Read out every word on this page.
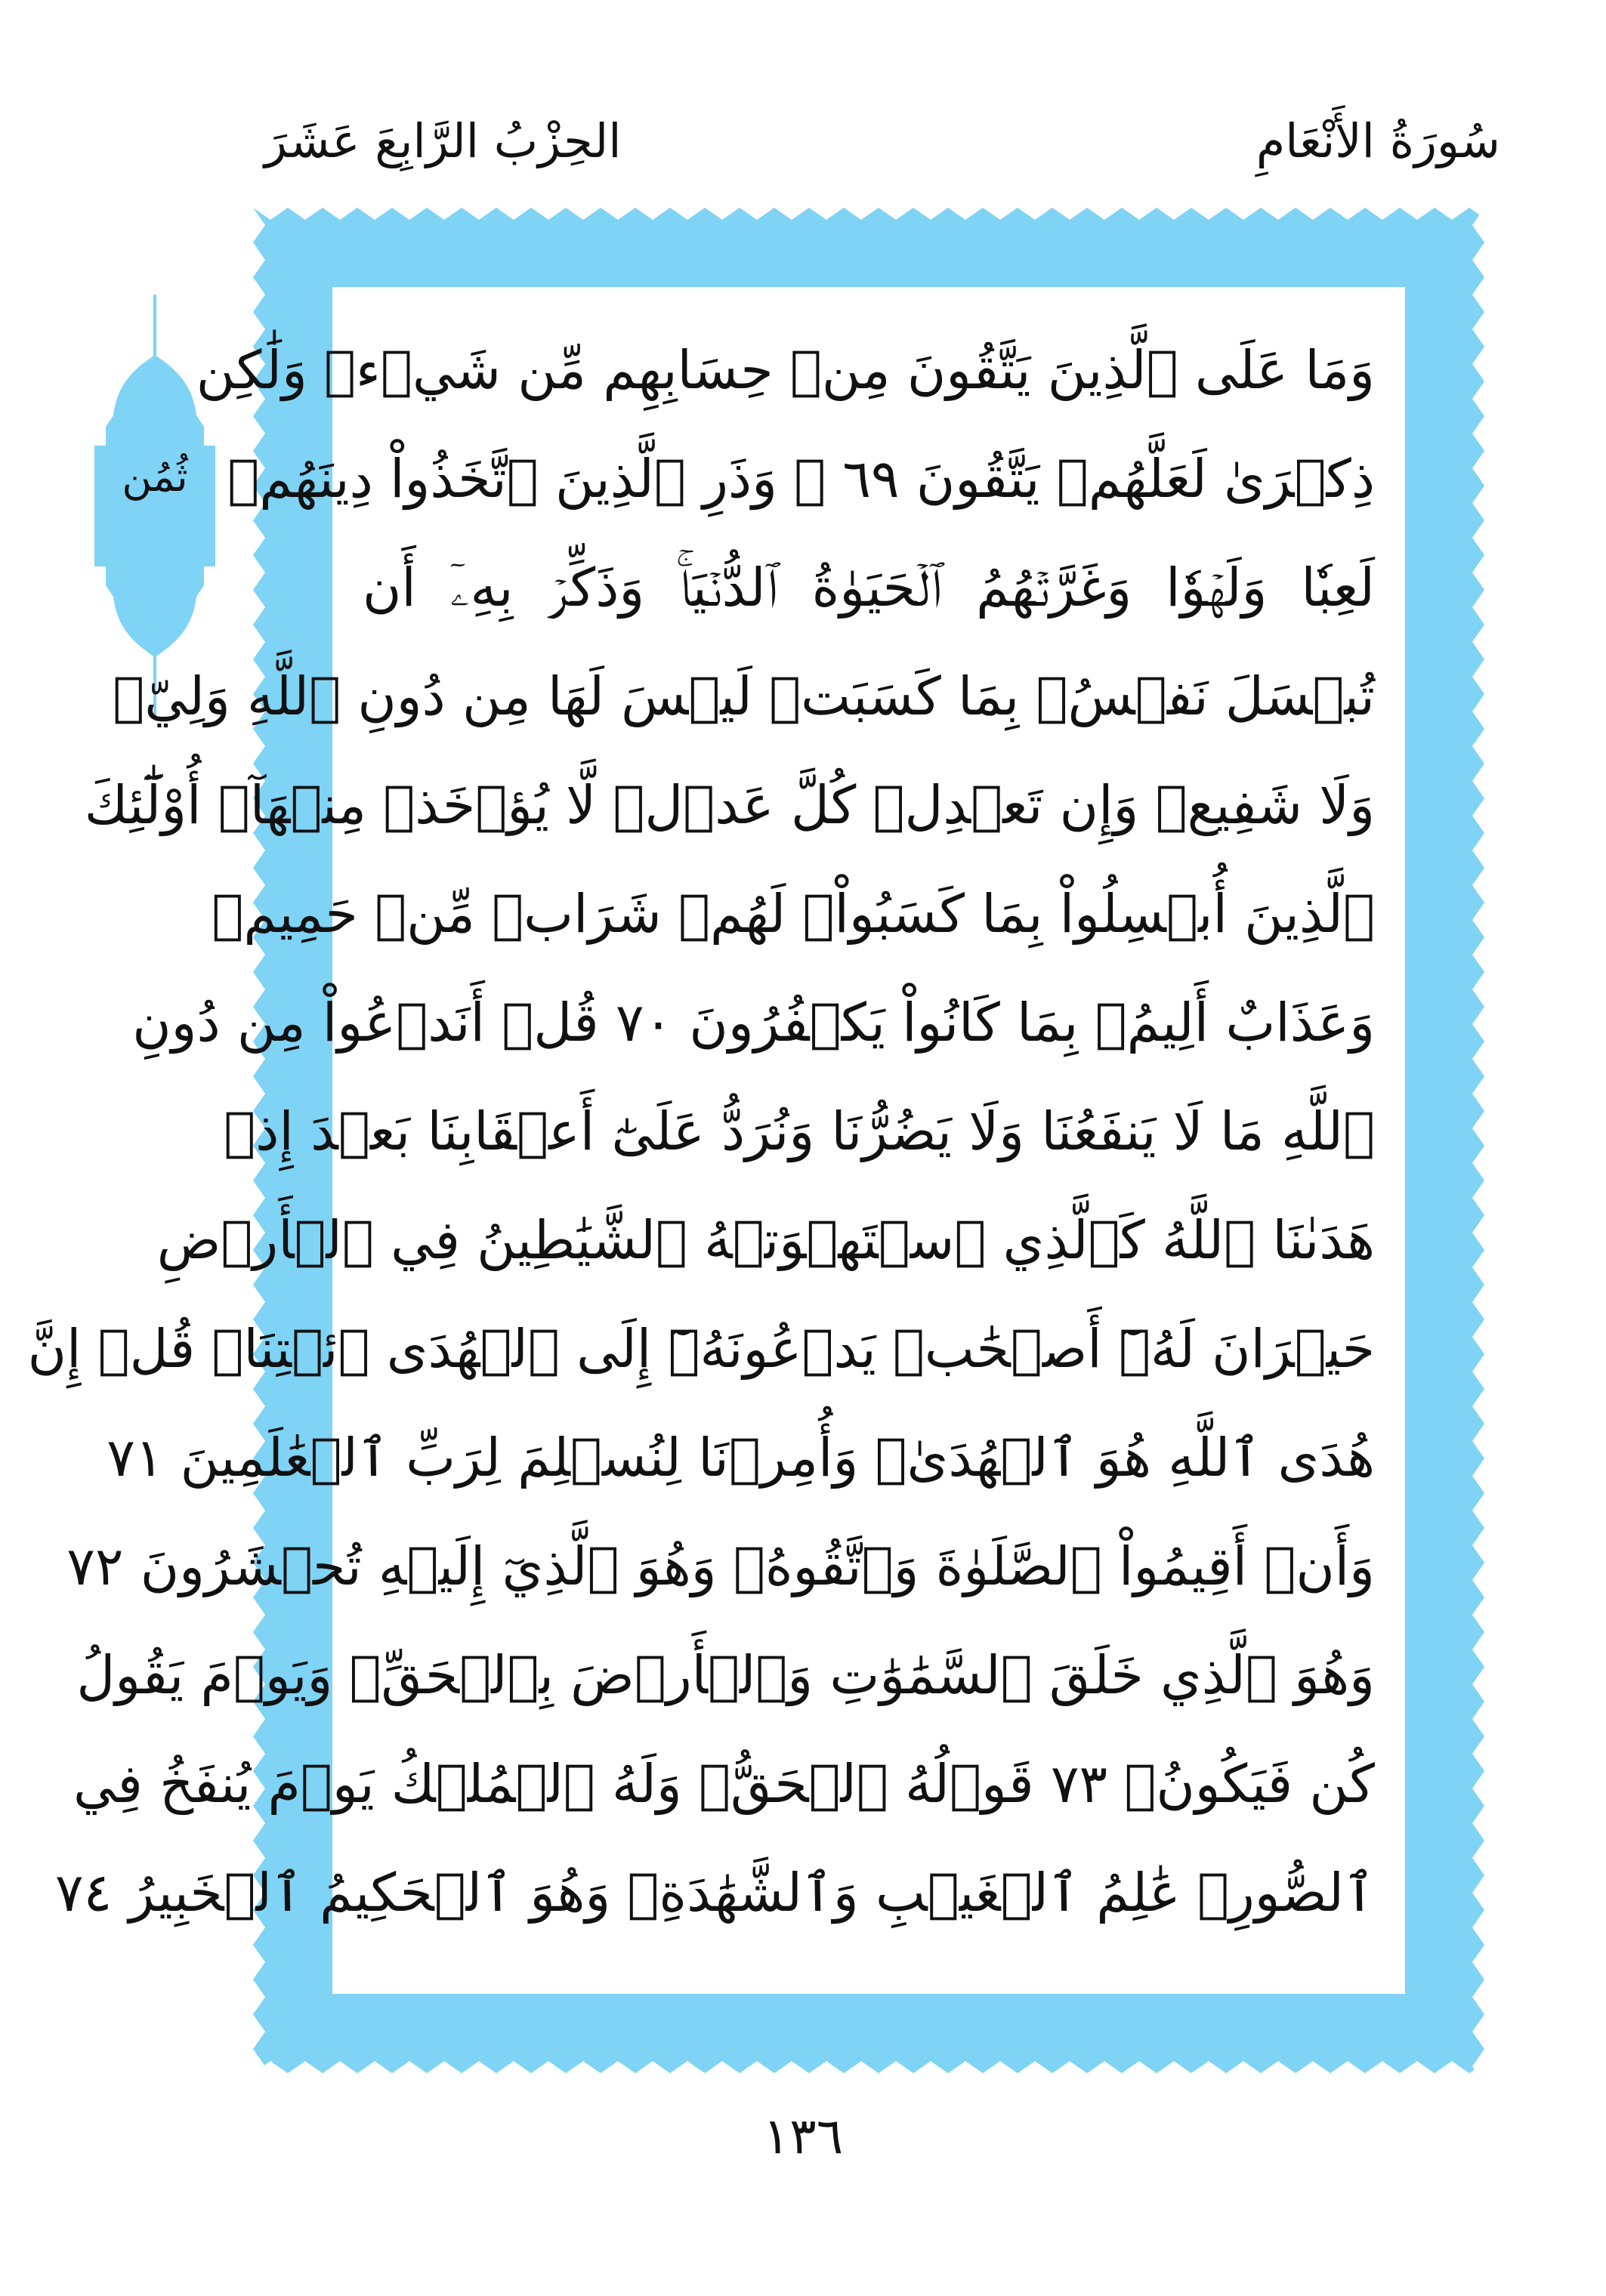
سُورَةُ الأَنْعَامِ
الحِزْبُ الرَّابِعَ عَشَرَ
ثُمُن
وَمَا عَلَى ٱلَّذِينَ يَتَّقُونَ مِنۡ حِسَابِهِم مِّن شَيۡءٖ وَلَٰكِن
ذِكۡرَىٰ لَعَلَّهُمۡ يَتَّقُونَ ٦٩ ۞ وَذَرِ ٱلَّذِينَ ٱتَّخَذُواْ دِينَهُمۡ
لَعِبٗا وَلَهۡوٗا وَغَرَّتۡهُمُ ٱلۡحَيَوٰةُ ٱلدُّنۡيَاۚ وَذَكِّرۡ بِهِۦٓ أَن
تُبۡسَلَ نَفۡسُۢ بِمَا كَسَبَتۡ لَيۡسَ لَهَا مِن دُونِ ٱللَّهِ وَلِيّٞ
وَلَا شَفِيعٞ وَإِن تَعۡدِلۡ كُلَّ عَدۡلٖ لَّا يُؤۡخَذۡ مِنۡهَآۗ أُوْلَٰٓئِكَ
ٱلَّذِينَ أُبۡسِلُواْ بِمَا كَسَبُواْۖ لَهُمۡ شَرَابٞ مِّنۡ حَمِيمٖ
وَعَذَابٌ أَلِيمُۢ بِمَا كَانُواْ يَكۡفُرُونَ ٧٠ قُلۡ أَنَدۡعُواْ مِن دُونِ
ٱللَّهِ مَا لَا يَنفَعُنَا وَلَا يَضُرُّنَا وَنُرَدُّ عَلَىٰٓ أَعۡقَابِنَا بَعۡدَ إِذۡ
هَدَىٰنَا ٱللَّهُ كَٱلَّذِي ٱسۡتَهۡوَتۡهُ ٱلشَّيَٰطِينُ فِي ٱلۡأَرۡضِ
حَيۡرَانَ لَهُۥٓ أَصۡحَٰبٞ يَدۡعُونَهُۥٓ إِلَى ٱلۡهُدَى ٱئۡتِنَاۗ قُلۡ إِنَّ
هُدَى ٱللَّهِ هُوَ ٱلۡهُدَىٰۖ وَأُمِرۡنَا لِنُسۡلِمَ لِرَبِّ ٱلۡعَٰلَمِينَ ٧١
وَأَنۡ أَقِيمُواْ ٱلصَّلَوٰةَ وَٱتَّقُوهُۚ وَهُوَ ٱلَّذِيٓ إِلَيۡهِ تُحۡشَرُونَ ٧٢
وَهُوَ ٱلَّذِي خَلَقَ ٱلسَّمَٰوَٰتِ وَٱلۡأَرۡضَ بِٱلۡحَقِّۖ وَيَوۡمَ يَقُولُ
كُن فَيَكُونُۚ ٧٣ قَوۡلُهُ ٱلۡحَقُّۚ وَلَهُ ٱلۡمُلۡكُ يَوۡمَ يُنفَخُ فِي
ٱلصُّورِۚ عَٰلِمُ ٱلۡغَيۡبِ وَٱلشَّهَٰدَةِۚ وَهُوَ ٱلۡحَكِيمُ ٱلۡخَبِيرُ ٧٤
١٣٦
